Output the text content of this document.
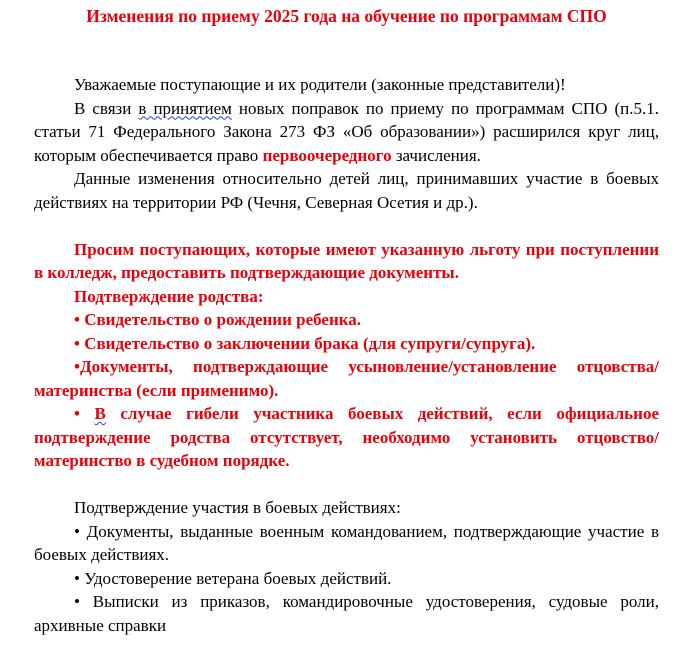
Изменения по приему 2025 года на обучение по программам СПО

Уважаемые поступающие и их родители (законные представители)!

В связи в принятием новых поправок по приему по программам СПО (п.5.1. статьи 71 Федерального Закона 273 ФЗ «Об образовании») расширился круг лиц, которым обеспечивается право первоочередного зачисления.

Данные изменения относительно детей лиц, принимавших участие в боевых действиях на территории РФ (Чечня, Северная Осетия и др.).

Просим поступающих, которые имеют указанную льготу при поступлении в колледж, предоставить подтверждающие документы.

Подтверждение родства:

• Свидетельство о рождении ребенка.

• Свидетельство о заключении брака (для супруги/супруга).

•Документы, подтверждающие усыновление/установление отцовства/материнства (если применимо).

• В случае гибели участника боевых действий, если официальное подтверждение родства отсутствует, необходимо установить отцовство/материнство в судебном порядке.

Подтверждение участия в боевых действиях:

• Документы, выданные военным командованием, подтверждающие участие в боевых действиях.

• Удостоверение ветерана боевых действий.

• Выписки из приказов, командировочные удостоверения, судовые роли, архивные справки
